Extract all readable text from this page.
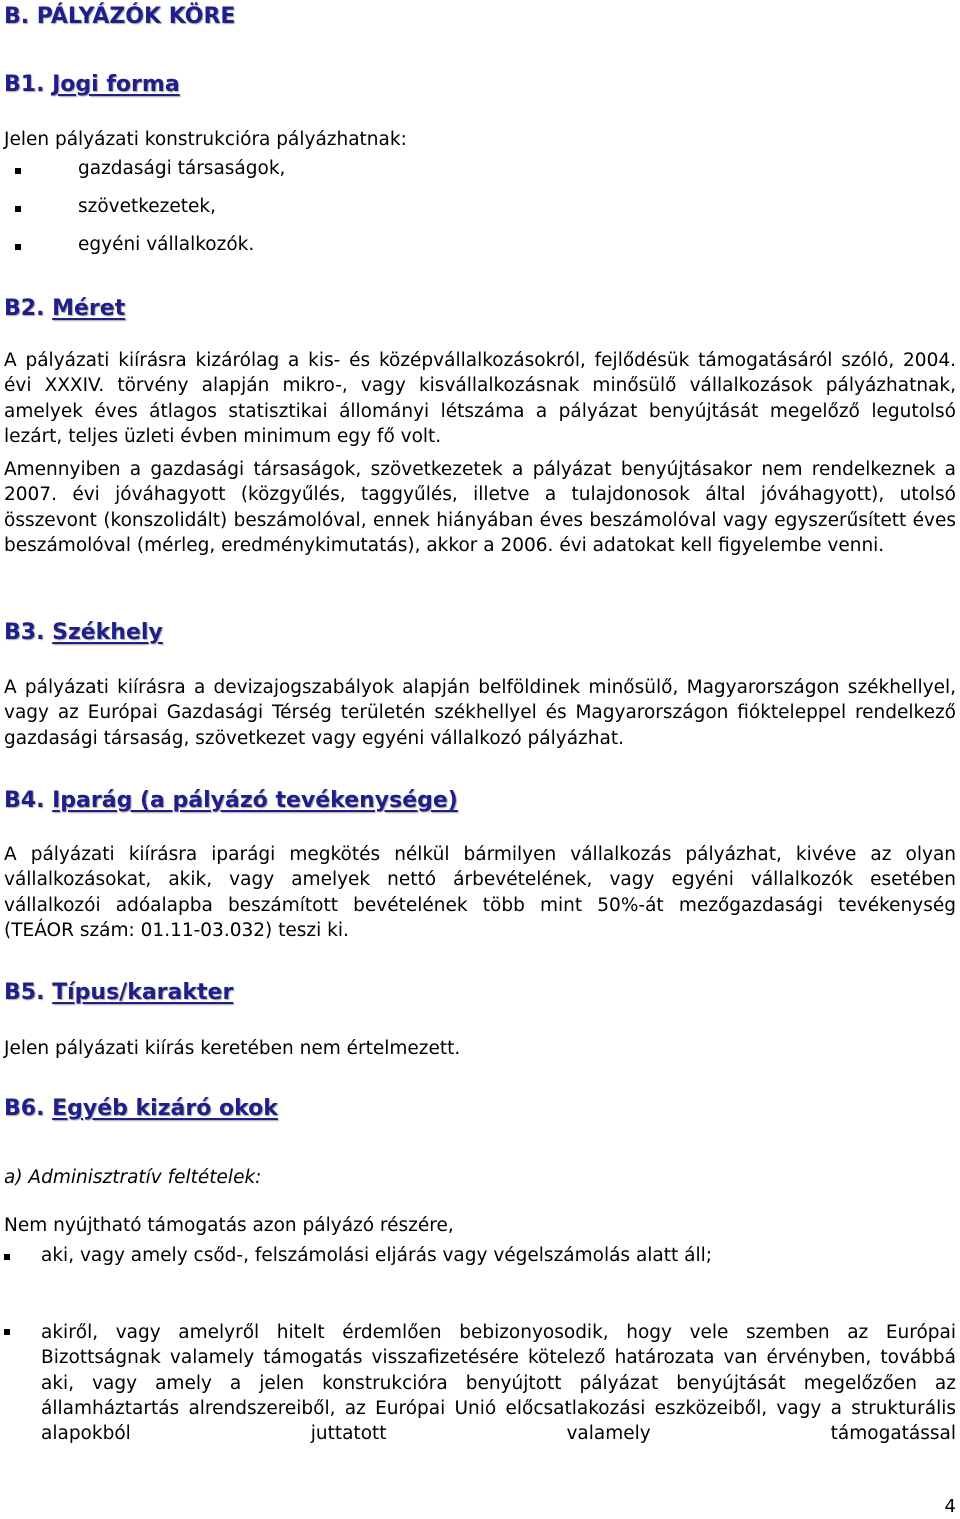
B. PÁLYÁZÓK KÖRE
B1. Jogi forma

Jelen pályázati konstrukcióra pályázhatnak:

gazdasági társaságok,
szövetkezetek,
egyéni vállalkozók.
B2. Méret

A pályázati kiírásra kizárólag a kis- és középvállalkozásokról, fejlődésük támogatásáról szóló, 2004. évi XXXIV. törvény alapján mikro-, vagy kisvállalkozásnak minősülő vállalkozások pályázhatnak, amelyek éves átlagos statisztikai állományi létszáma a pályázat benyújtását megelőző legutolsó lezárt, teljes üzleti évben minimum egy fő volt.

Amennyiben a gazdasági társaságok, szövetkezetek a pályázat benyújtásakor nem rendelkeznek a 2007. évi jóváhagyott (közgyűlés, taggyűlés, illetve a tulajdonosok által jóváhagyott), utolsó összevont (konszolidált) beszámolóval, ennek hiányában éves beszámolóval vagy egyszerűsített éves beszámolóval (mérleg, eredménykimutatás), akkor a 2006. évi adatokat kell figyelembe venni.

B3. Székhely

A pályázati kiírásra a devizajogszabályok alapján belföldinek minősülő, Magyarországon székhellyel, vagy az Európai Gazdasági Térség területén székhellyel és Magyarországon fiókteleppel rendelkező gazdasági társaság, szövetkezet vagy egyéni vállalkozó pályázhat.

B4. Iparág (a pályázó tevékenysége)

A pályázati kiírásra iparági megkötés nélkül bármilyen vállalkozás pályázhat, kivéve az olyan vállalkozásokat, akik, vagy amelyek nettó árbevételének, vagy egyéni vállalkozók esetében vállalkozói adóalapba beszámított bevételének több mint 50%-át mezőgazdasági tevékenység (TEÁOR szám: 01.11-03.032) teszi ki.

B5. Típus/karakter

Jelen pályázati kiírás keretében nem értelmezett.

B6. Egyéb kizáró okok

a) Adminisztratív feltételek:

Nem nyújtható támogatás azon pályázó részére,

aki, vagy amely csőd-, felszámolási eljárás vagy végelszámolás alatt áll;
akiről, vagy amelyről hitelt érdemlően bebizonyosodik, hogy vele szemben az Európai Bizottságnak valamely támogatás visszafizetésére kötelező határozata van érvényben, továbbá aki, vagy amely a jelen konstrukcióra benyújtott pályázat benyújtását megelőzően az államháztartás alrendszereiből, az Európai Unió előcsatlakozási eszközeiből, vagy a strukturális alapokból juttatott valamely támogatással
4
